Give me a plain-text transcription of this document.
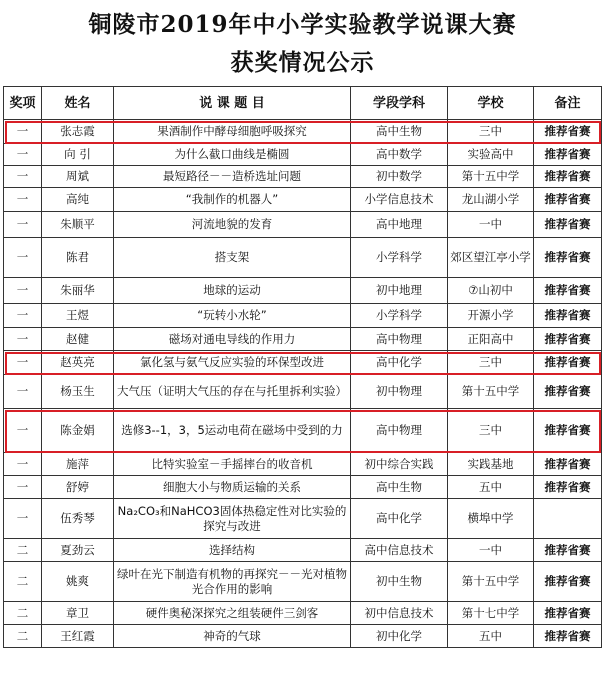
铜陵市2019年中小学实验教学说课大赛
获奖情况公示
奖项	姓名	说 课 题 目	学段学科	学校	备注
一	张志霞	果酒制作中酵母细胞呼吸探究	高中生物	三中	推荐省赛
一	向 引	为什么截口曲线是椭圆	高中数学	实验高中	推荐省赛
一	周斌	最短路径－－造桥选址问题	初中数学	第十五中学	推荐省赛
一	高纯	“我制作的机器人”	小学信息技术	龙山湖小学	推荐省赛
一	朱顺平	河流地貌的发育	高中地理	一中	推荐省赛
一	陈君	搭支架	小学科学	郊区望江亭小学	推荐省赛
一	朱丽华	地球的运动	初中地理	⑦山初中	推荐省赛
一	王煜	“玩转小水轮”	小学科学	开源小学	推荐省赛
一	赵健	磁场对通电导线的作用力	高中物理	正阳高中	推荐省赛
一	赵英亮	氯化氢与氨气反应实验的环保型改进	高中化学	三中	推荐省赛
一	杨玉生	大气压（证明大气压的存在与托里拆利实验）	初中物理	第十五中学	推荐省赛
一	陈金娟	选修3--1，3，5运动电荷在磁场中受到的力	高中物理	三中	推荐省赛
一	施萍	比特实验室－手摇摔台的收音机	初中综合实践	实践基地	推荐省赛
一	舒婷	细胞大小与物质运输的关系	高中生物	五中	推荐省赛
一	伍秀琴	Na₂CO₃和NaHCO3固体热稳定性对比实验的探究与改进	高中化学	横埠中学	
二	夏劲云	选择结构	高中信息技术	一中	推荐省赛
二	姚爽	绿叶在光下制造有机物的再探究－－光对植物光合作用的影响	初中生物	第十五中学	推荐省赛
二	章卫	硬件奥秘深探究之组装硬件三剑客	初中信息技术	第十七中学	推荐省赛
二	王红霞	神奇的气球	初中化学	五中	推荐省赛
